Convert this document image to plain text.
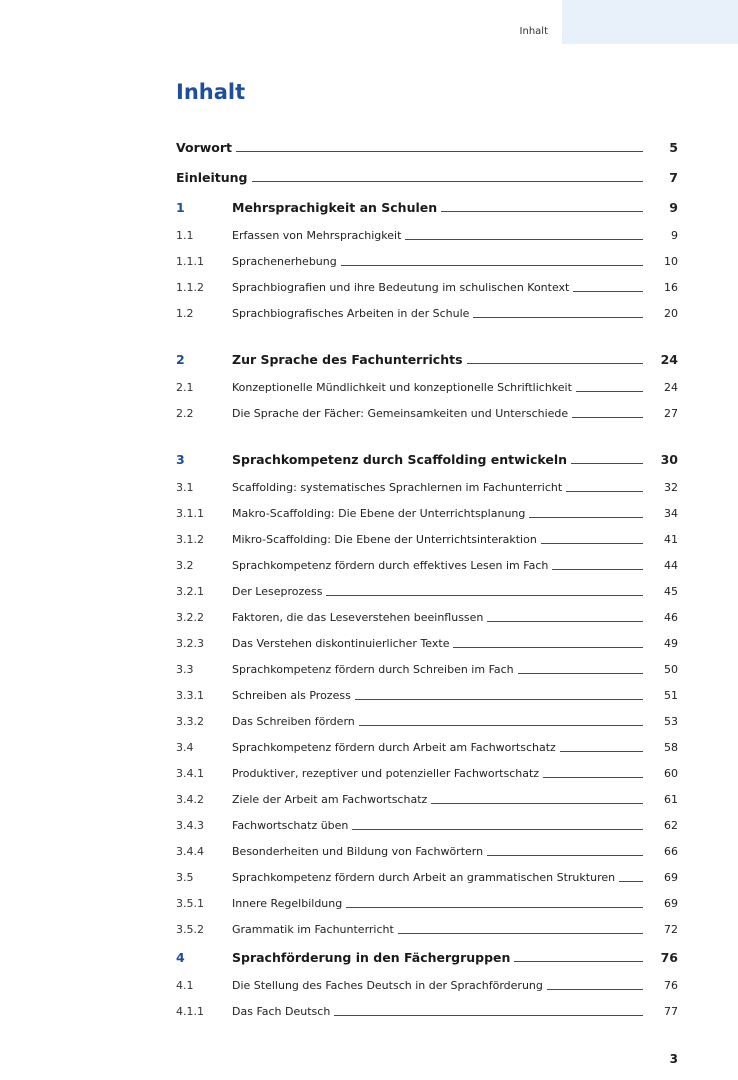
Inhalt
Inhalt
Vorwort	5
Einleitung	7
1	Mehrsprachigkeit an Schulen	9
1.1	Erfassen von Mehrsprachigkeit	9
1.1.1	Sprachenerhebung	10
1.1.2	Sprachbiografien und ihre Bedeutung im schulischen Kontext	16
1.2	Sprachbiografisches Arbeiten in der Schule	20
2	Zur Sprache des Fachunterrichts	24
2.1	Konzeptionelle Mündlichkeit und konzeptionelle Schriftlichkeit	24
2.2	Die Sprache der Fächer: Gemeinsamkeiten und Unterschiede	27
3	Sprachkompetenz durch Scaffolding entwickeln	30
3.1	Scaffolding: systematisches Sprachlernen im Fachunterricht	32
3.1.1	Makro-Scaffolding: Die Ebene der Unterrichtsplanung	34
3.1.2	Mikro-Scaffolding: Die Ebene der Unterrichtsinteraktion	41
3.2	Sprachkompetenz fördern durch effektives Lesen im Fach	44
3.2.1	Der Leseprozess	45
3.2.2	Faktoren, die das Leseverstehen beeinflussen	46
3.2.3	Das Verstehen diskontinuierlicher Texte	49
3.3	Sprachkompetenz fördern durch Schreiben im Fach	50
3.3.1	Schreiben als Prozess	51
3.3.2	Das Schreiben fördern	53
3.4	Sprachkompetenz fördern durch Arbeit am Fachwortschatz	58
3.4.1	Produktiver, rezeptiver und potenzieller Fachwortschatz	60
3.4.2	Ziele der Arbeit am Fachwortschatz	61
3.4.3	Fachwortschatz üben	62
3.4.4	Besonderheiten und Bildung von Fachwörtern	66
3.5	Sprachkompetenz fördern durch Arbeit an grammatischen Strukturen	69
3.5.1	Innere Regelbildung	69
3.5.2	Grammatik im Fachunterricht	72
4	Sprachförderung in den Fächergruppen	76
4.1	Die Stellung des Faches Deutsch in der Sprachförderung	76
4.1.1	Das Fach Deutsch	77
3
